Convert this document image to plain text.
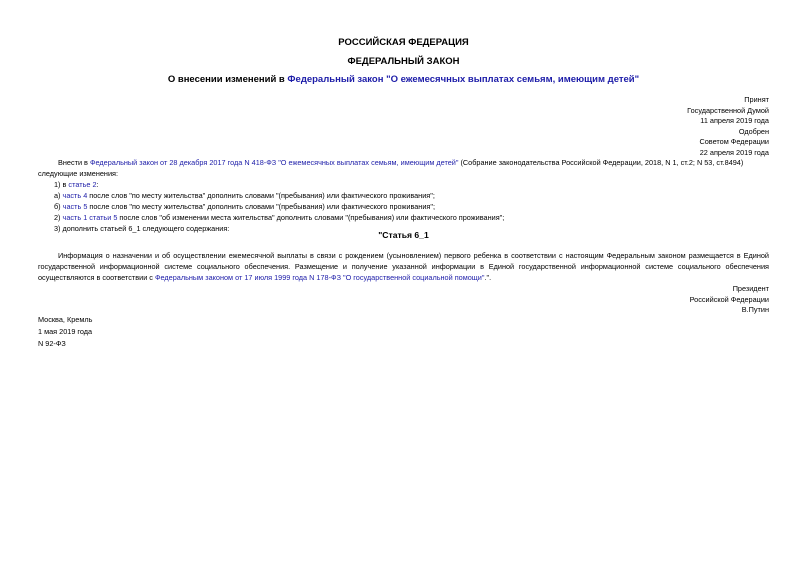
РОССИЙСКАЯ ФЕДЕРАЦИЯ
ФЕДЕРАЛЬНЫЙ ЗАКОН
О внесении изменений в Федеральный закон "О ежемесячных выплатах семьям, имеющим детей"
Принят
Государственной Думой
11 апреля 2019 года
Одобрен
Советом Федерации
22 апреля 2019 года

Внести в Федеральный закон от 28 декабря 2017 года N 418-ФЗ "О ежемесячных выплатах семьям, имеющим детей" (Собрание законодательства Российской Федерации, 2018, N 1, ст.2; N 53, ст.8494) следующие изменения:

1) в статье 2:

а) часть 4 после слов "по месту жительства" дополнить словами "(пребывания) или фактического проживания";

б) часть 5 после слов "по месту жительства" дополнить словами "(пребывания) или фактического проживания";

2) часть 1 статьи 5 после слов "об изменении места жительства" дополнить словами "(пребывания) или фактического проживания";

3) дополнить статьей 6_1 следующего содержания:

"Статья 6_1

Информация о назначении и об осуществлении ежемесячной выплаты в связи с рождением (усыновлением) первого ребенка в соответствии с настоящим Федеральным законом размещается в Единой государственной информационной системе социального обеспечения. Размещение и получение указанной информации в Единой государственной информационной системе социального обеспечения осуществляются в соответствии с Федеральным законом от 17 июля 1999 года N 178-ФЗ "О государственной социальной помощи".".

Президент
Российской Федерации
В.Путин
Москва, Кремль
1 мая 2019 года
N 92-ФЗ
